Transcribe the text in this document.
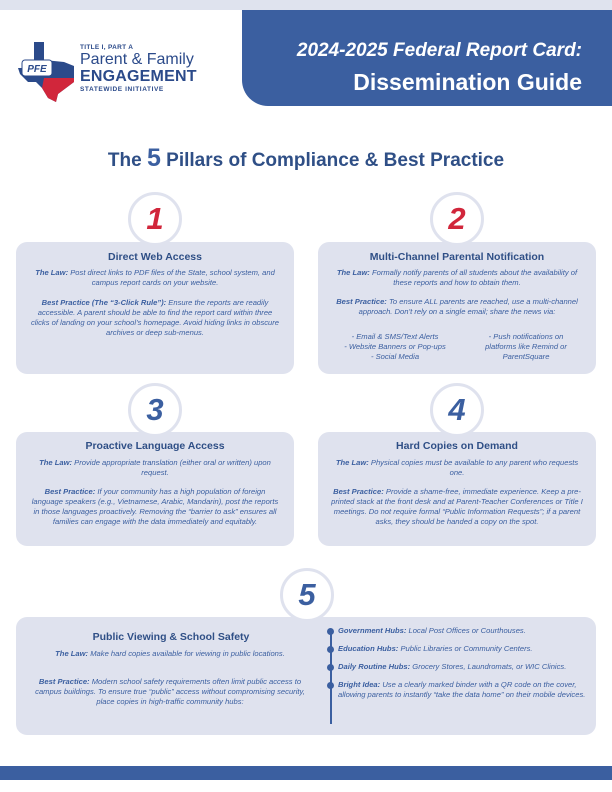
PFE
TITLE I, PART A
Parent & Family
ENGAGEMENT
STATEWIDE INITIATIVE
2024-2025 Federal Report Card:
Dissemination Guide
The 5 Pillars of Compliance & Best Practice
Direct Web Access
The Law: Post direct links to PDF files of the State, school system, and campus report cards on your website.
Best Practice (The “3-Click Rule”): Ensure the reports are readily accessible. A parent should be able to find the report card within three clicks of landing on your school’s homepage. Avoid hiding links in obscure archives or deep sub-menus.
1
Multi-Channel Parental Notification
The Law: Formally notify parents of all students about the availability of these reports and how to obtain them.
Best Practice: To ensure ALL parents are reached, use a multi-channel approach. Don’t rely on a single email; share the news via:
- Email & SMS/Text Alerts
- Website Banners or Pop-ups
- Social Media
- Push notifications on
platforms like Remind or
ParentSquare
2
Proactive Language Access
The Law: Provide appropriate translation (either oral or written) upon request.
Best Practice: If your community has a high population of foreign language speakers (e.g., Vietnamese, Arabic, Mandarin), post the reports in those languages proactively. Removing the “barrier to ask” ensures all families can engage with the data immediately and equitably.
3
Hard Copies on Demand
The Law: Physical copies must be available to any parent who requests one.
Best Practice: Provide a shame-free, immediate experience. Keep a pre-printed stack at the front desk and at Parent-Teacher Conferences or Title I meetings. Do not require formal “Public Information Requests”; if a parent asks, they should be handed a copy on the spot.
4
Public Viewing & School Safety
The Law: Make hard copies available for viewing in public locations.
Best Practice: Modern school safety requirements often limit public access to campus buildings. To ensure true “public” access without compromising security, place copies in high-traffic community hubs:
5
Government Hubs: Local Post Offices or Courthouses.
Education Hubs: Public Libraries or Community Centers.
Daily Routine Hubs: Grocery Stores, Laundromats, or WIC Clinics.
Bright Idea: Use a clearly marked binder with a QR code on the cover, allowing parents to instantly “take the data home” on their mobile devices.
